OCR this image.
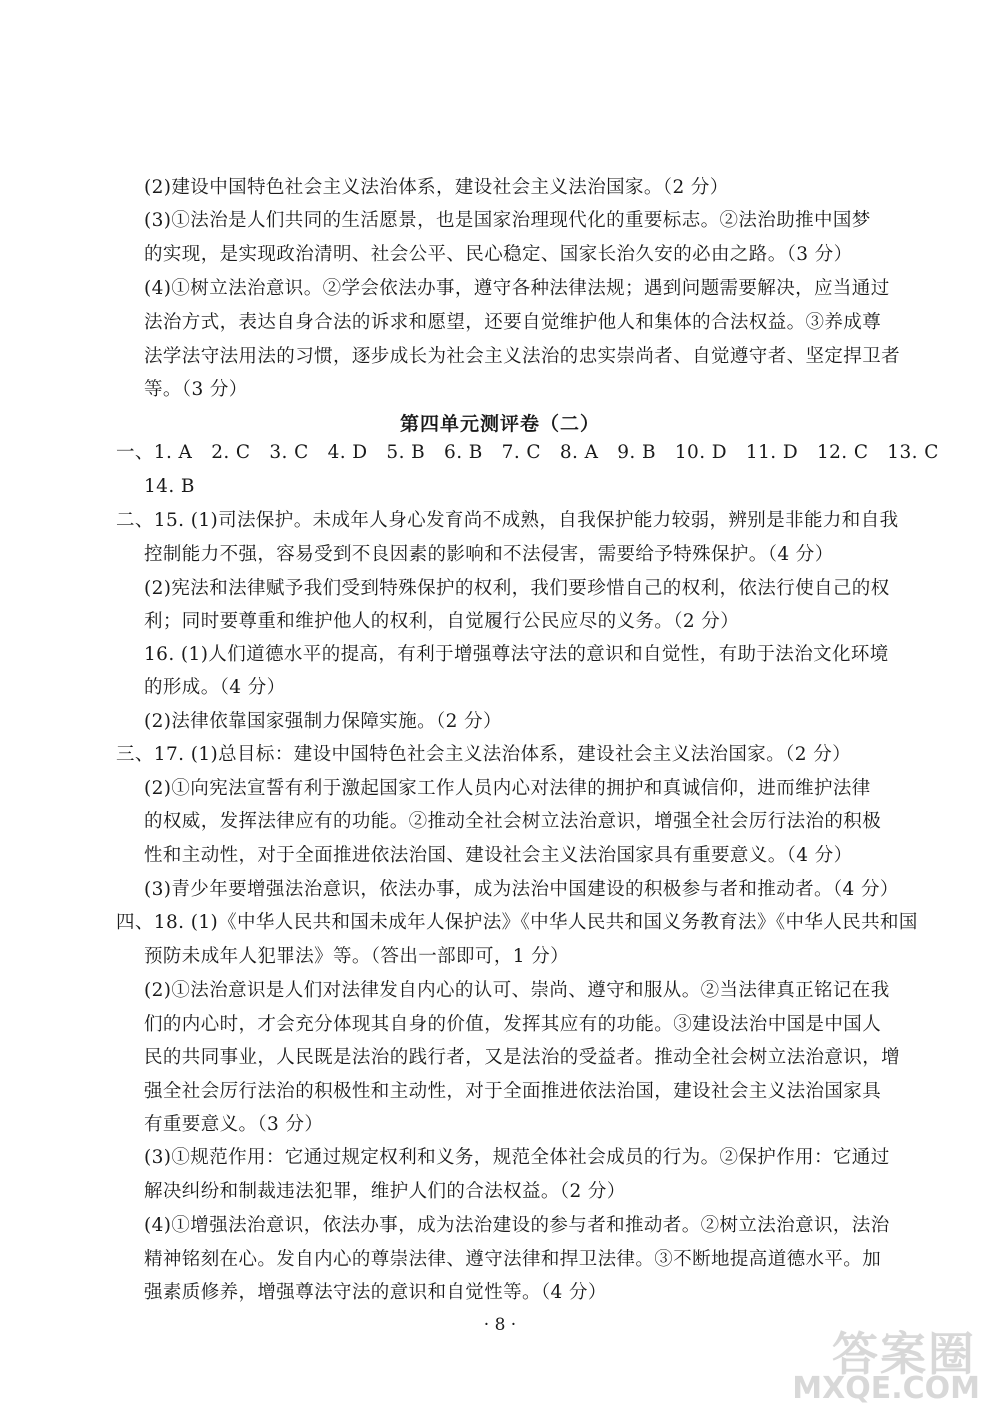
(2)建设中国特色社会主义法治体系，建设社会主义法治国家。（2 分）
(3)①法治是人们共同的生活愿景，也是国家治理现代化的重要标志。②法治助推中国梦
的实现，是实现政治清明、社会公平、民心稳定、国家长治久安的必由之路。（3 分）
(4)①树立法治意识。②学会依法办事，遵守各种法律法规；遇到问题需要解决，应当通过
法治方式，表达自身合法的诉求和愿望，还要自觉维护他人和集体的合法权益。③养成尊
法学法守法用法的习惯，逐步成长为社会主义法治的忠实崇尚者、自觉遵守者、坚定捍卫者
等。（3 分）
第四单元测评卷（二）
一、1. A　2. C　3. C　4. D　5. B　6. B　7. C　8. A　9. B　10. D　11. D　12. C　13. C
14. B
二、15. (1)司法保护。未成年人身心发育尚不成熟，自我保护能力较弱，辨别是非能力和自我
控制能力不强，容易受到不良因素的影响和不法侵害，需要给予特殊保护。（4 分）
(2)宪法和法律赋予我们受到特殊保护的权利，我们要珍惜自己的权利，依法行使自己的权
利；同时要尊重和维护他人的权利，自觉履行公民应尽的义务。（2 分）
16. (1)人们道德水平的提高，有利于增强尊法守法的意识和自觉性，有助于法治文化环境
的形成。（4 分）
(2)法律依靠国家强制力保障实施。（2 分）
三、17. (1)总目标：建设中国特色社会主义法治体系，建设社会主义法治国家。（2 分）
(2)①向宪法宣誓有利于激起国家工作人员内心对法律的拥护和真诚信仰，进而维护法律
的权威，发挥法律应有的功能。②推动全社会树立法治意识，增强全社会厉行法治的积极
性和主动性，对于全面推进依法治国、建设社会主义法治国家具有重要意义。（4 分）
(3)青少年要增强法治意识，依法办事，成为法治中国建设的积极参与者和推动者。（4 分）
四、18. (1)《中华人民共和国未成年人保护法》《中华人民共和国义务教育法》《中华人民共和国
预防未成年人犯罪法》等。（答出一部即可，1 分）
(2)①法治意识是人们对法律发自内心的认可、崇尚、遵守和服从。②当法律真正铭记在我
们的内心时，才会充分体现其自身的价值，发挥其应有的功能。③建设法治中国是中国人
民的共同事业，人民既是法治的践行者，又是法治的受益者。推动全社会树立法治意识，增
强全社会厉行法治的积极性和主动性，对于全面推进依法治国，建设社会主义法治国家具
有重要意义。（3 分）
(3)①规范作用：它通过规定权利和义务，规范全体社会成员的行为。②保护作用：它通过
解决纠纷和制裁违法犯罪，维护人们的合法权益。（2 分）
(4)①增强法治意识，依法办事，成为法治建设的参与者和推动者。②树立法治意识，法治
精神铭刻在心。发自内心的尊崇法律、遵守法律和捍卫法律。③不断地提高道德水平。加
强素质修养，增强尊法守法的意识和自觉性等。（4 分）
· 8 ·
答案圈
MXQE.COM
